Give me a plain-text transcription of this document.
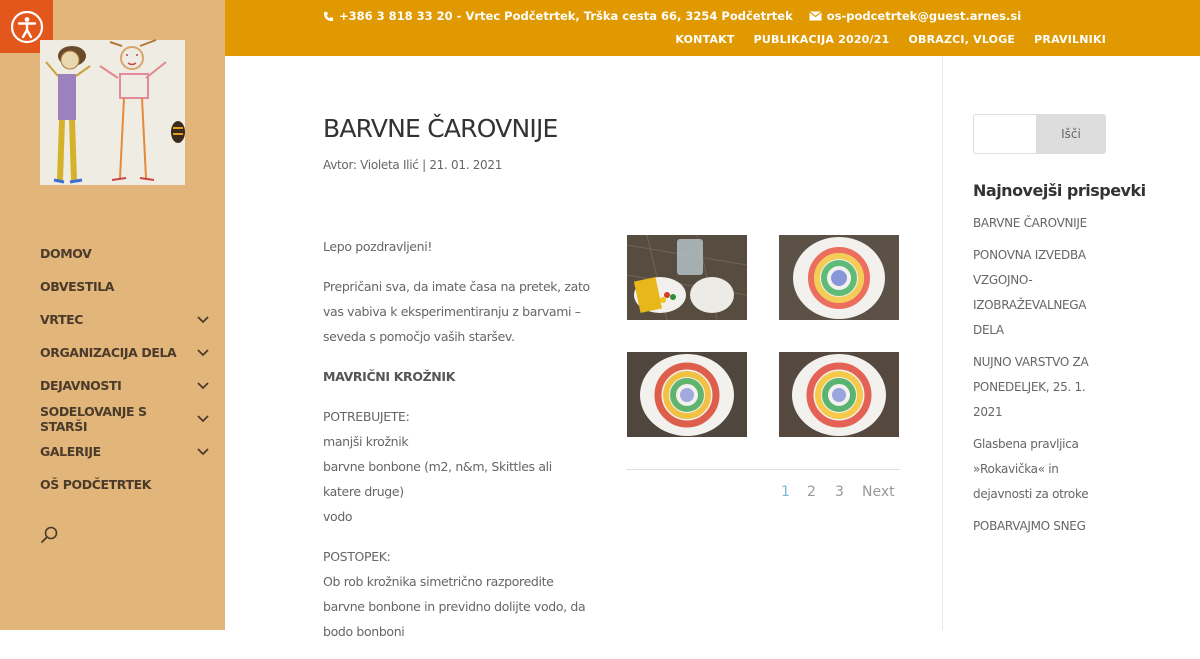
DOMOV
OBVESTILA
VRTEC
ORGANIZACIJA DELA
DEJAVNOSTI
SODELOVANJE S STARŠI
GALERIJE
OŠ PODČETRTEK
+386 3 818 33 20 - Vrtec Podčetrtek, Trška cesta 66, 3254 Podčetrtek	os-podcetrtek@guest.arnes.si
KONTAKT PUBLIKACIJA 2020/21 OBRAZCI, VLOGE PRAVILNIKI
BARVNE ČAROVNIJE
Avtor: Violeta Ilić | 21. 01. 2021

Lepo pozdravljeni!

Prepričani sva, da imate časa na pretek, zato vas vabiva k eksperimentiranju z barvami – seveda s pomočjo vaših staršev.

MAVRIČNI KROŽNIK

POTREBUJETE:
manjši krožnik
barvne bonbone (m2, n&m, Skittles ali katere druge)
vodo

POSTOPEK:
Ob rob krožnika simetrično razporedite barvne bonbone in previdno dolijte vodo, da bodo bonboni

1 2 3 Next
Išči
Najnovejši prispevki
BARVNE ČAROVNIJE
PONOVNA IZVEDBA VZGOJNO-IZOBRAŽEVALNEGA DELA
NUJNO VARSTVO ZA PONEDELJEK, 25. 1. 2021
Glasbena pravljica »Rokavička« in dejavnosti za otroke
POBARVAJMO SNEG
